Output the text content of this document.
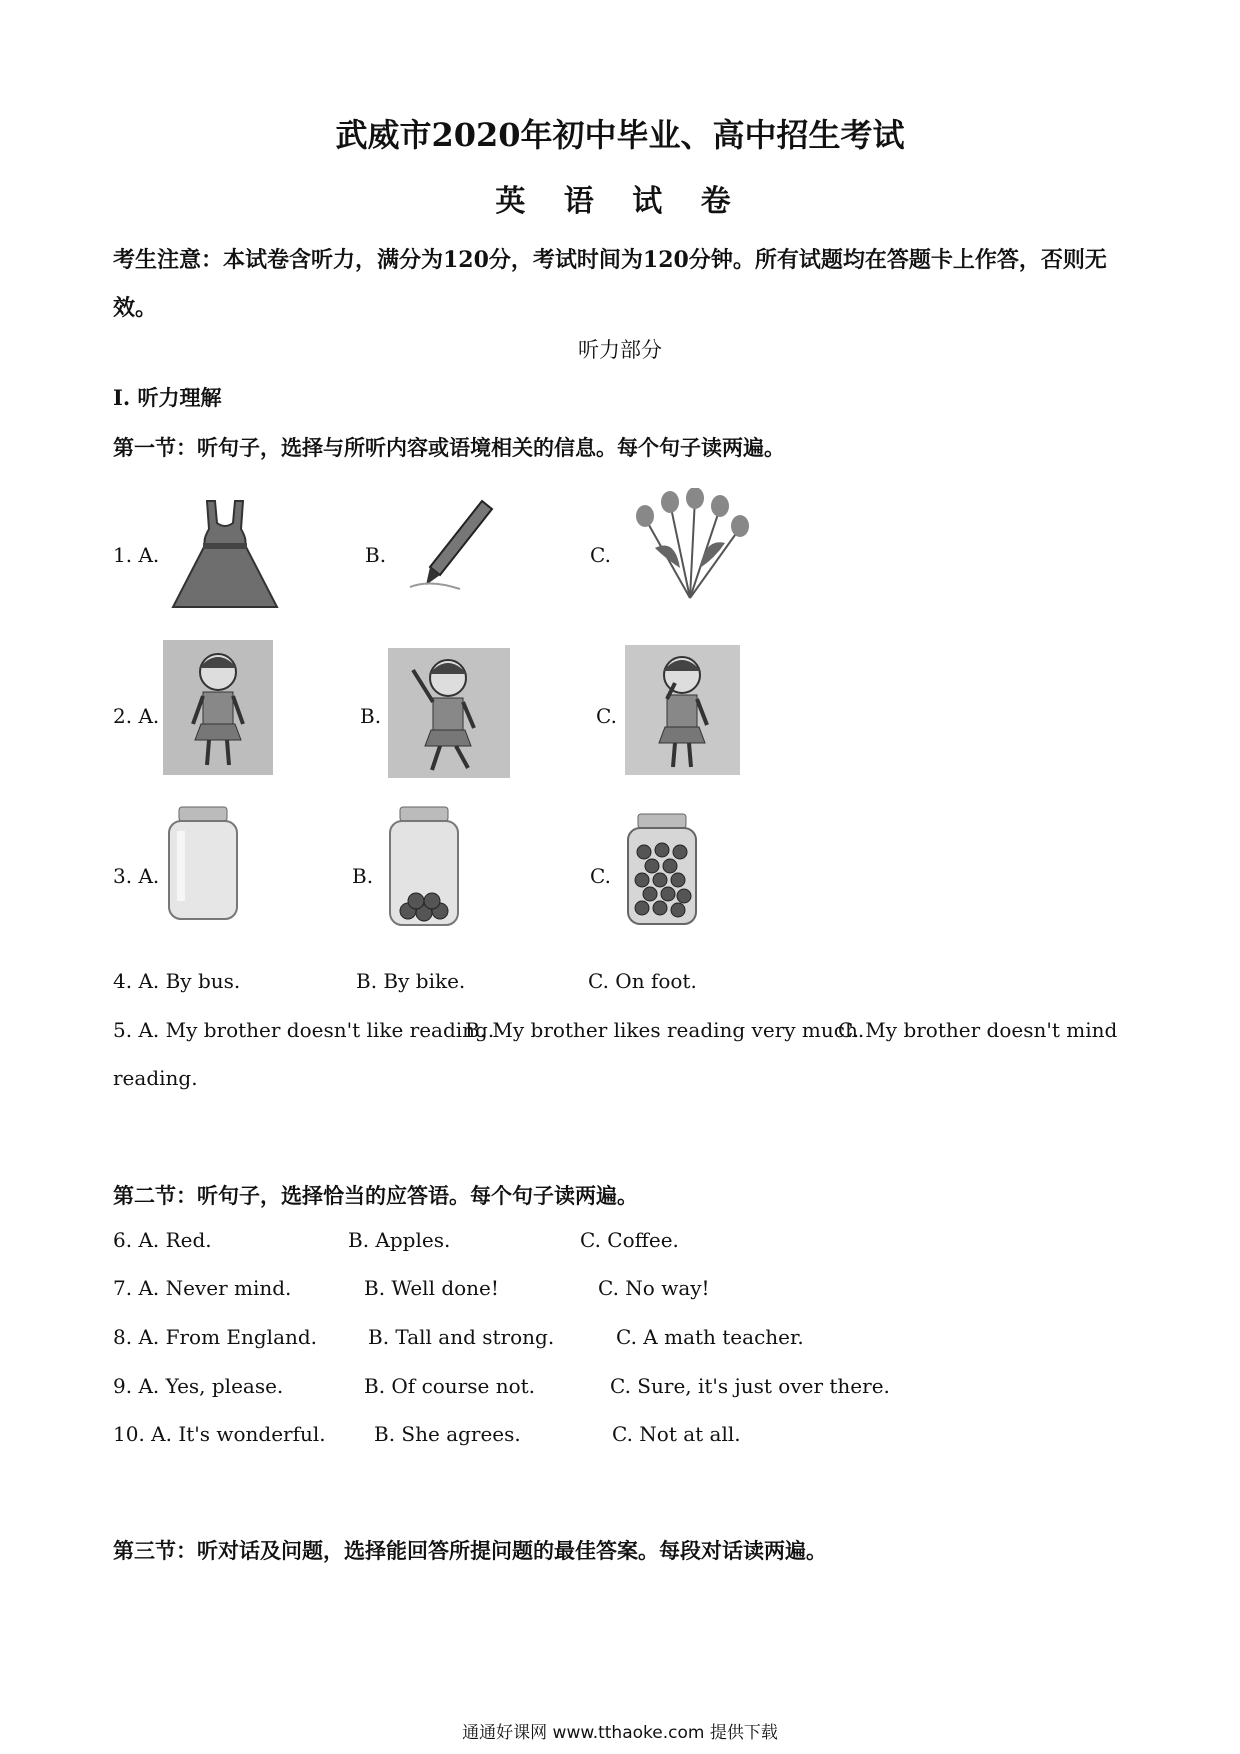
武威市2020年初中毕业、高中招生考试
英 语 试 卷
考生注意：本试卷含听力，满分为120分，考试时间为120分钟。所有试题均在答题卡上作答，否则无效。
听力部分
I. 听力理解
第一节：听句子，选择与所听内容或语境相关的信息。每个句子读两遍。
1. A.	B.	C.
2. A.	B.	C.
3. A.	B.	C.
4. A. By bus.	B. By bike.	C. On foot.
5. A. My brother doesn't like reading.
B. My brother likes reading very much.
C. My brother doesn't mind
reading.
第二节：听句子，选择恰当的应答语。每个句子读两遍。
6. A. Red.	B. Apples.	C. Coffee.
7. A. Never mind.	B. Well done!	C. No way!
8. A. From England.	B. Tall and strong.	C. A math teacher.
9. A. Yes, please.	B. Of course not.	C. Sure, it's just over there.
10. A. It's wonderful. B. She agrees.	C. Not at all.
第三节：听对话及问题，选择能回答所提问题的最佳答案。每段对话读两遍。
通通好课网 www.tthaoke.com 提供下载
